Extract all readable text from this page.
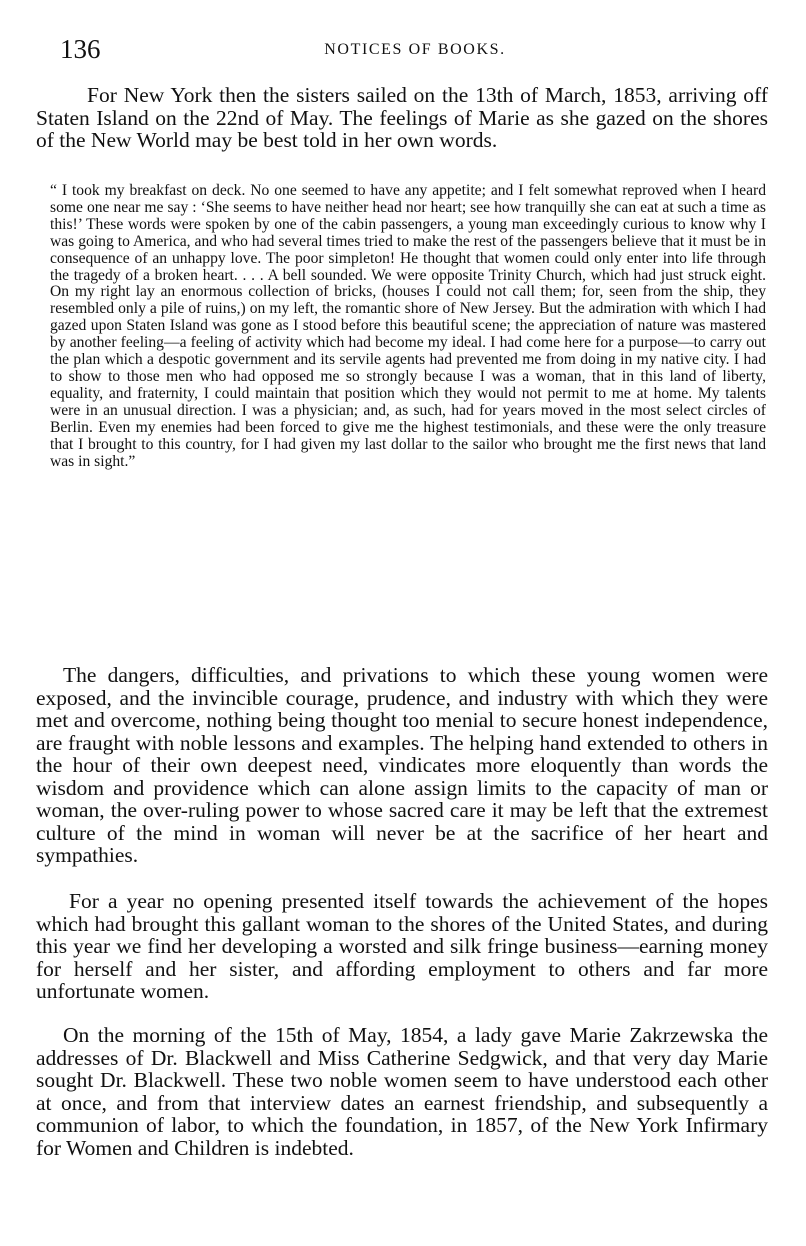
136	NOTICES OF BOOKS.

For New York then the sisters sailed on the 13th of March, 1853, arriving off Staten Island on the 22nd of May. The feelings of Marie as she gazed on the shores of the New World may be best told in her own words.

“ I took my breakfast on deck. No one seemed to have any appetite; and I felt somewhat reproved when I heard some one near me say : ‘She seems to have neither head nor heart; see how tranquilly she can eat at such a time as this!’ These words were spoken by one of the cabin passengers, a young man exceedingly curious to know why I was going to America, and who had several times tried to make the rest of the passengers believe that it must be in consequence of an unhappy love. The poor simpleton! He thought that women could only enter into life through the tragedy of a broken heart. . . . A bell sounded. We were opposite Trinity Church, which had just struck eight. On my right lay an enormous collection of bricks, (houses I could not call them; for, seen from the ship, they resembled only a pile of ruins,) on my left, the romantic shore of New Jersey. But the admiration with which I had gazed upon Staten Island was gone as I stood before this beautiful scene; the appreciation of nature was mastered by another feeling—a feeling of activity which had become my ideal. I had come here for a purpose—to carry out the plan which a despotic government and its servile agents had prevented me from doing in my native city. I had to show to those men who had opposed me so strongly because I was a woman, that in this land of liberty, equality, and fraternity, I could maintain that position which they would not permit to me at home. My talents were in an unusual direction. I was a physician; and, as such, had for years moved in the most select circles of Berlin. Even my enemies had been forced to give me the highest testimonials, and these were the only treasure that I brought to this country, for I had given my last dollar to the sailor who brought me the first news that land was in sight.”

The dangers, difficulties, and privations to which these young women were exposed, and the invincible courage, prudence, and industry with which they were met and overcome, nothing being thought too menial to secure honest independence, are fraught with noble lessons and examples. The helping hand extended to others in the hour of their own deepest need, vindicates more eloquently than words the wisdom and providence which can alone assign limits to the capacity of man or woman, the over-ruling power to whose sacred care it may be left that the extremest culture of the mind in woman will never be at the sacrifice of her heart and sympathies.

For a year no opening presented itself towards the achievement of the hopes which had brought this gallant woman to the shores of the United States, and during this year we find her developing a worsted and silk fringe business—earning money for herself and her sister, and affording employment to others and far more unfortunate women.

On the morning of the 15th of May, 1854, a lady gave Marie Zakrzewska the addresses of Dr. Blackwell and Miss Catherine Sedgwick, and that very day Marie sought Dr. Blackwell. These two noble women seem to have understood each other at once, and from that interview dates an earnest friendship, and subsequently a communion of labor, to which the foundation, in 1857, of the New York Infirmary for Women and Children is indebted.
